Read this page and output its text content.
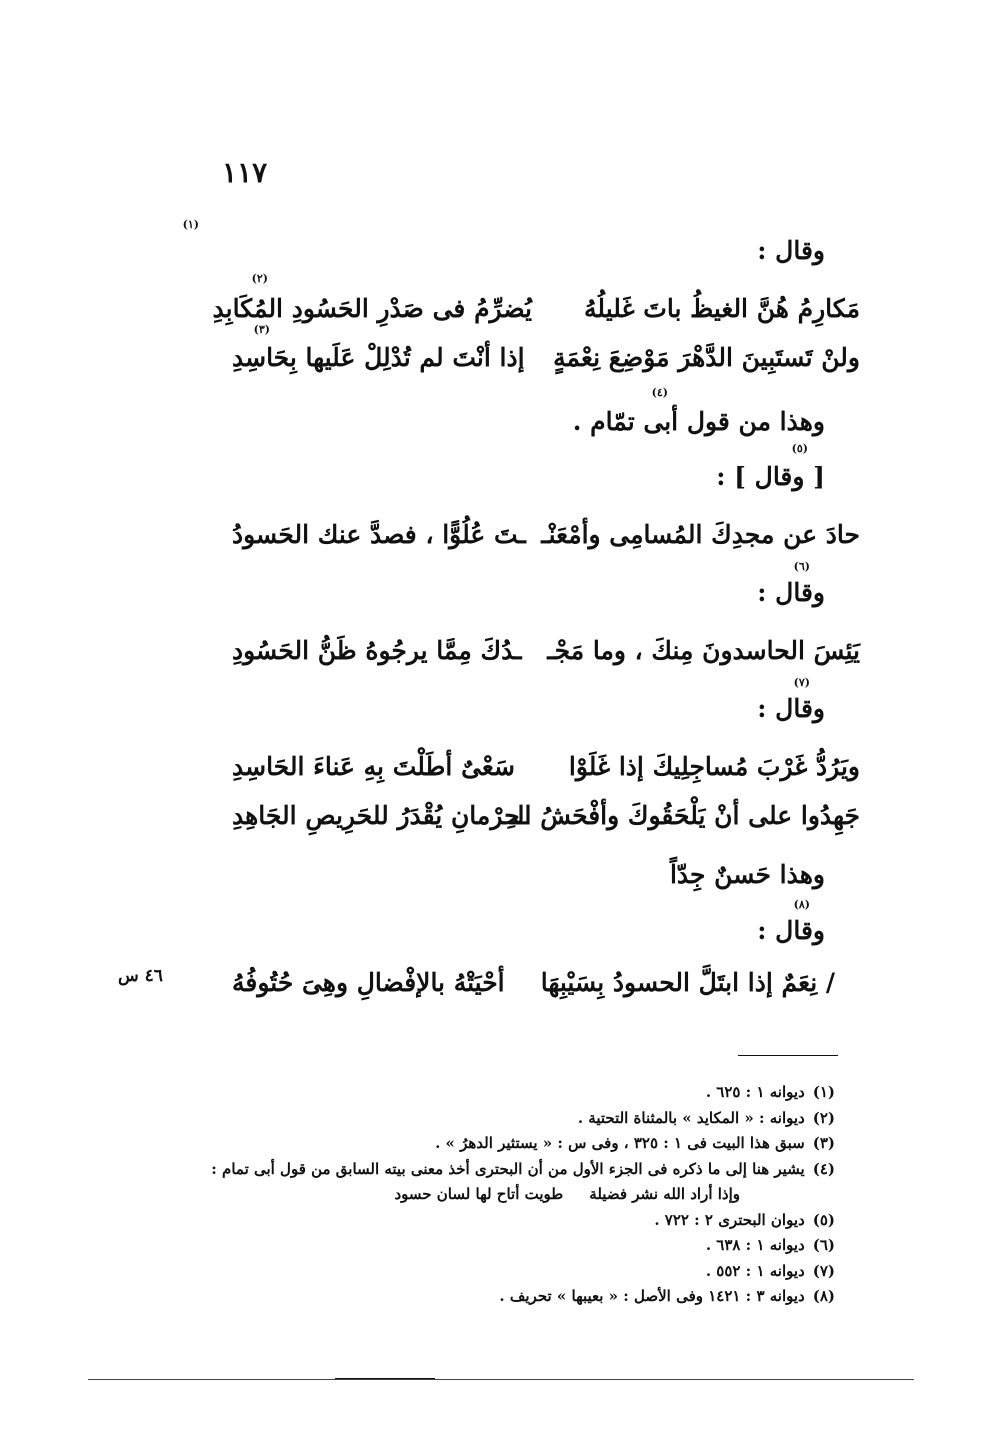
١١٧
(١)
وقال :
(٢)
مَكارِمُ هُنَّ الغيظُ باتَ غَليلُهُ
يُضرِّمُ فى صَدْرِ الحَسُودِ المُكَابِدِ
(٣)
ولنْ تَستَبِينَ الدَّهْرَ مَوْضِعَ نِعْمَةٍ
إذا أنْتَ لم تُدْلِلْ عَلَيها بِحَاسِدِ
(٤)
وهذا من قول أبى تمّام .
(٥)
[ وقال ] :
حادَ عن مجدِكَ المُسامِى وأمْعَنْـ
ـتَ عُلُوًّا ، فصدَّ عنك الحَسودُ
(٦)
وقال :
يَئِسَ الحاسدونَ مِنكَ ، وما مَجْـ
ـدُكَ مِمَّا يرجُوهُ ظَنُّ الحَسُودِ
(٧)
وقال :
ويَرُدُّ غَرْبَ مُساجِلِيكَ إذا غَلَوْا
سَعْىٌ أطَلْتَ بِهِ عَناءَ الحَاسِدِ
جَهِدُوا على أنْ يَلْحَقُوكَ وأفْحَشُ الـ
ـحِرْمانِ يُقْدَرُ للحَرِيصِ الجَاهِدِ
وهذا حَسنٌ جِدّاً
(٨)
وقال :
/ نِعَمٌ إذا ابتَلَّ الحسودُ بِسَيْبِهَا
أحْيَتْهُ بالإفْضالِ وهِىَ حُتُوفُهُ
٤٦ س
(١)
ديوانه ١ : ٦٢٥ .
(٢)
ديوانه : « المكايد » بالمثناة التحتية .
(٣)
سبق هذا البيت فى ١ : ٣٢٥ ، وفى س : « يستثير الدهرُ » .
(٤)
يشير هنا إلى ما ذكره فى الجزء الأول من أن البحترى أخذ معنى بيته السابق من قول أبى تمام :
وإذا أراد الله نشر فضيلة     طويت أتاح لها لسان حسود
(٥)
ديوان البحترى ٢ : ٧٢٢ .
(٦)
ديوانه ١ : ٦٣٨ .
(٧)
ديوانه ١ : ٥٥٢ .
(٨)
ديوانه ٣ : ١٤٢١ وفى الأصل : « بعيبها » تحريف .
